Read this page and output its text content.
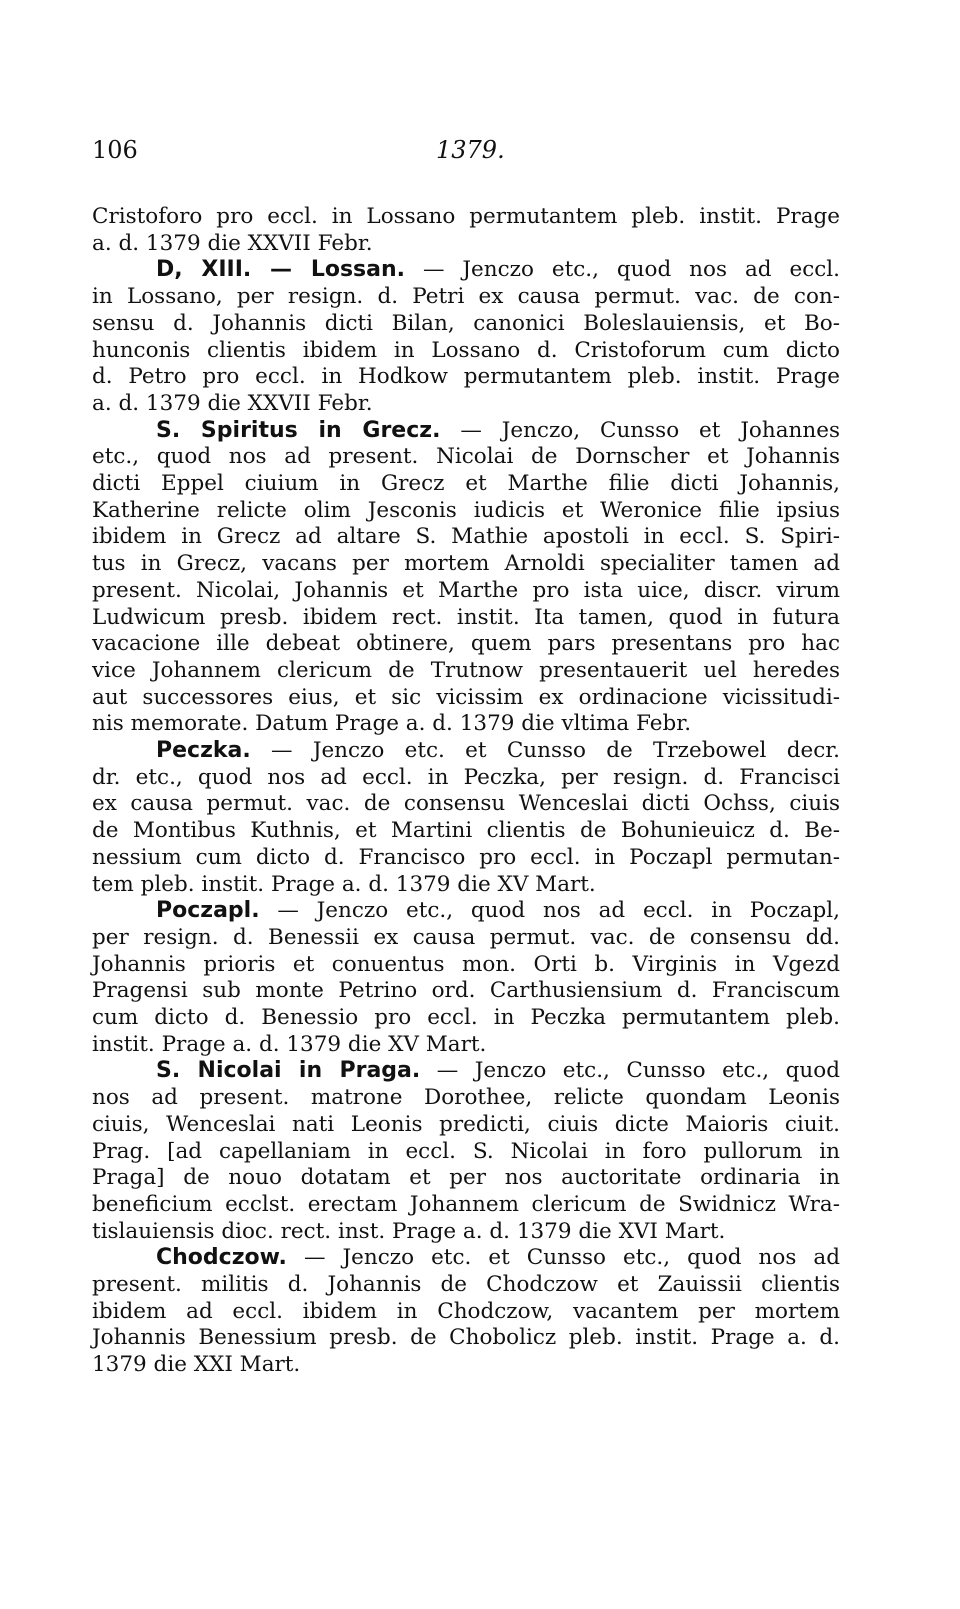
106	1379.
Cristoforo pro eccl. in Lossano permutantem pleb. instit. Prage
a. d. 1379 die XXVII Febr.
D, XIII. — Lossan. — Jenczo etc., quod nos ad eccl.
in Lossano, per resign. d. Petri ex causa permut. vac. de con-
sensu d. Johannis dicti Bilan, canonici Boleslauiensis, et Bo-
hunconis clientis ibidem in Lossano d. Cristoforum cum dicto
d. Petro pro eccl. in Hodkow permutantem pleb. instit. Prage
a. d. 1379 die XXVII Febr.
S. Spiritus in Grecz. — Jenczo, Cunsso et Johannes
etc., quod nos ad present. Nicolai de Dornscher et Johannis
dicti Eppel ciuium in Grecz et Marthe filie dicti Johannis,
Katherine relicte olim Jesconis iudicis et Weronice filie ipsius
ibidem in Grecz ad altare S. Mathie apostoli in eccl. S. Spiri-
tus in Grecz, vacans per mortem Arnoldi specialiter tamen ad
present. Nicolai, Johannis et Marthe pro ista uice, discr. virum
Ludwicum presb. ibidem rect. instit. Ita tamen, quod in futura
vacacione ille debeat obtinere, quem pars presentans pro hac
vice Johannem clericum de Trutnow presentauerit uel heredes
aut successores eius, et sic vicissim ex ordinacione vicissitudi-
nis memorate. Datum Prage a. d. 1379 die vltima Febr.
Peczka. — Jenczo etc. et Cunsso de Trzebowel decr.
dr. etc., quod nos ad eccl. in Peczka, per resign. d. Francisci
ex causa permut. vac. de consensu Wenceslai dicti Ochss, ciuis
de Montibus Kuthnis, et Martini clientis de Bohunieuicz d. Be-
nessium cum dicto d. Francisco pro eccl. in Poczapl permutan-
tem pleb. instit. Prage a. d. 1379 die XV Mart.
Poczapl. — Jenczo etc., quod nos ad eccl. in Poczapl,
per resign. d. Benessii ex causa permut. vac. de consensu dd.
Johannis prioris et conuentus mon. Orti b. Virginis in Vgezd
Pragensi sub monte Petrino ord. Carthusiensium d. Franciscum
cum dicto d. Benessio pro eccl. in Peczka permutantem pleb.
instit. Prage a. d. 1379 die XV Mart.
S. Nicolai in Praga. — Jenczo etc., Cunsso etc., quod
nos ad present. matrone Dorothee, relicte quondam Leonis
ciuis, Wenceslai nati Leonis predicti, ciuis dicte Maioris ciuit.
Prag. [ad capellaniam in eccl. S. Nicolai in foro pullorum in
Praga] de nouo dotatam et per nos auctoritate ordinaria in
beneficium ecclst. erectam Johannem clericum de Swidnicz Wra-
tislauiensis dioc. rect. inst. Prage a. d. 1379 die XVI Mart.
Chodczow. — Jenczo etc. et Cunsso etc., quod nos ad
present. militis d. Johannis de Chodczow et Zauissii clientis
ibidem ad eccl. ibidem in Chodczow, vacantem per mortem
Johannis Benessium presb. de Chobolicz pleb. instit. Prage a. d.
1379 die XXI Mart.
